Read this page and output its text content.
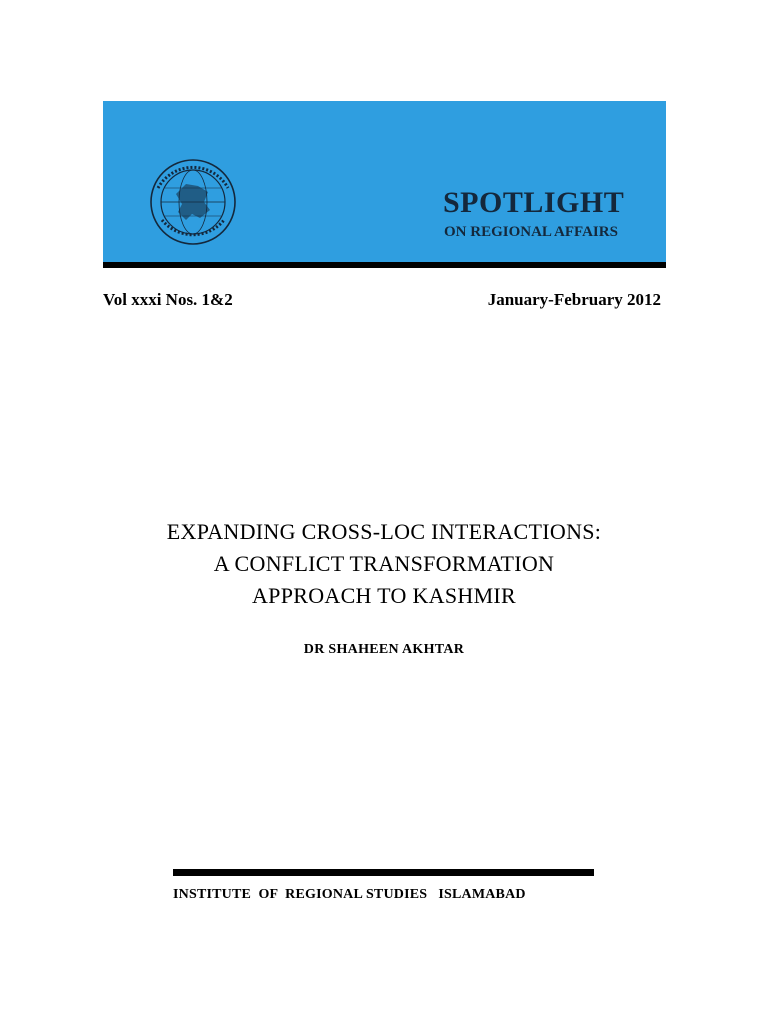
SPOTLIGHT
ON REGIONAL AFFAIRS
Vol xxxi Nos. 1&2	January-February 2012
EXPANDING CROSS-LOC INTERACTIONS:
A CONFLICT TRANSFORMATION
APPROACH TO KASHMIR
DR SHAHEEN AKHTAR
INSTITUTE  OF  REGIONAL STUDIES   ISLAMABAD
